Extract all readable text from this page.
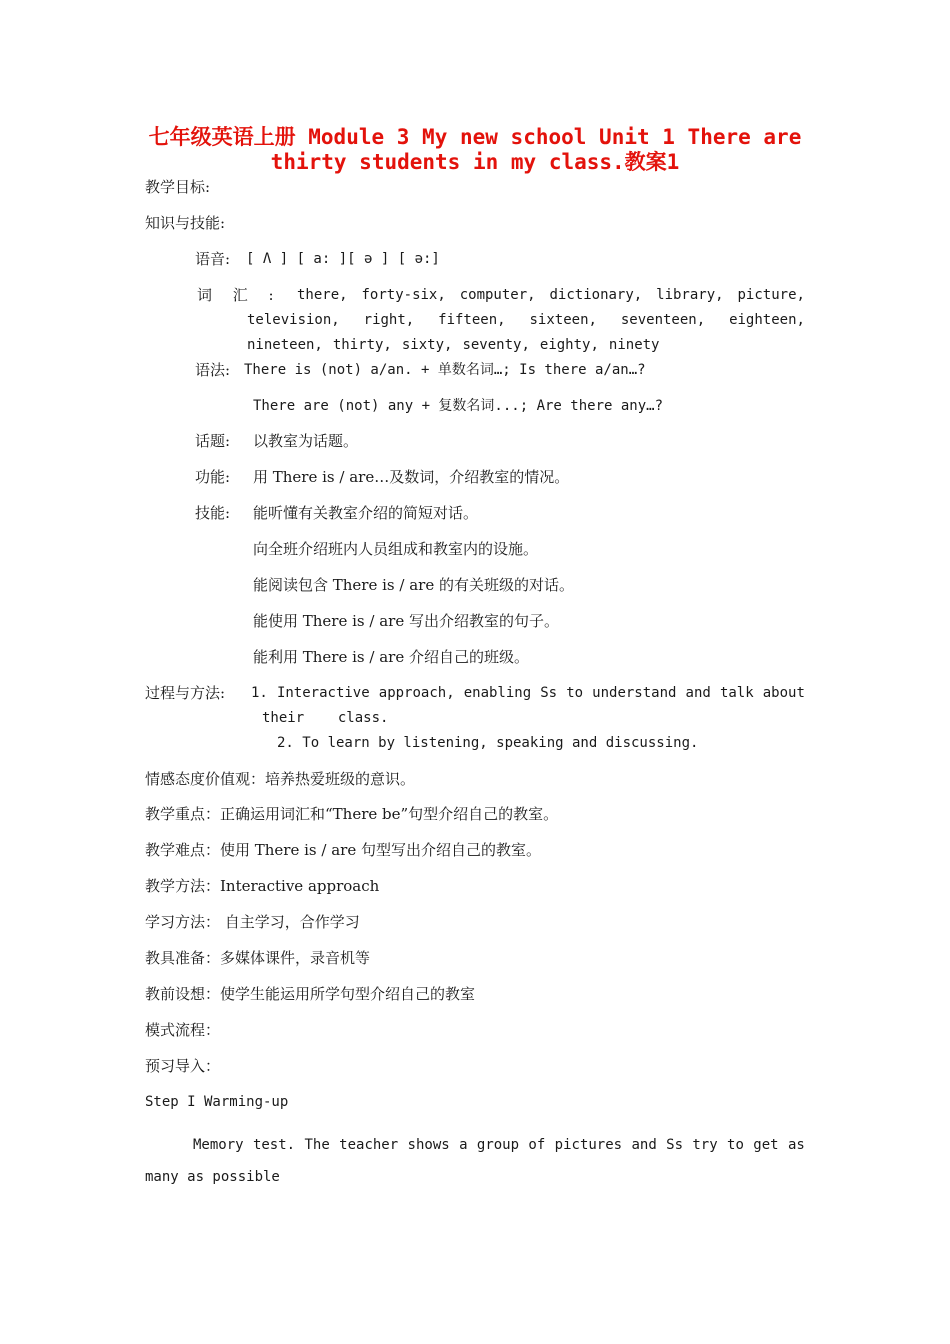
七年级英语上册 Module 3 My new school Unit 1 There are
thirty students in my class.教案1
教学目标:
知识与技能:
语音: [ Λ ] [ a: ][ ə ] [ ə:]
词 汇 : there, forty-six, computer, dictionary, library, picture,
television, right, fifteen, sixteen, seventeen, eighteen,
nineteen, thirty, sixty, seventy, eighty, ninety
语法: There is (not) a/an. + 单数名词…; Is there a/an…?
There are (not) any + 复数名词...; Are there any…?
话题: 以教室为话题。
功能: 用 There is / are…及数词，介绍教室的情况。
技能: 能听懂有关教室介绍的简短对话。
向全班介绍班内人员组成和教室内的设施。
能阅读包含 There is / are 的有关班级的对话。
能使用 There is / are 写出介绍教室的句子。
能利用 There is / are 介绍自己的班级。
过程与方法: 1. Interactive approach, enabling Ss to understand and talk about
their    class.
2. To learn by listening, speaking and discussing.
情感态度价值观：培养热爱班级的意识。
教学重点：正确运用词汇和“There be”句型介绍自己的教室。
教学难点：使用 There is / are 句型写出介绍自己的教室。
教学方法：Interactive approach
学习方法： 自主学习，合作学习
教具准备：多媒体课件，录音机等
教前设想：使学生能运用所学句型介绍自己的教室
模式流程：
预习导入：
Step I Warming-up
Memory test. The teacher shows a group of pictures and Ss try to get as
many as possible
